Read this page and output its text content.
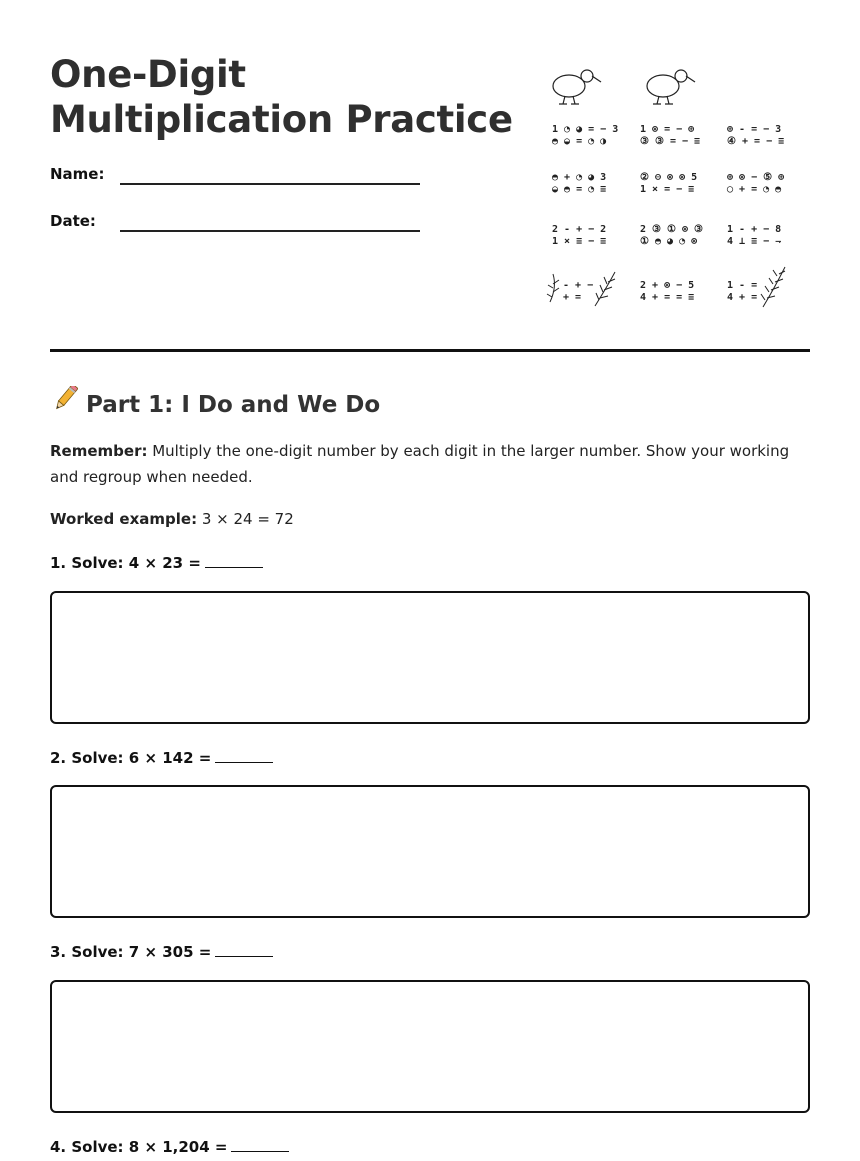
One-Digit
Multiplication Practice
Name:
Date:
1 ◔ ◕ = − 3
◓ ◒ = ◔ ◑
1 ⊗ = − ⊕
③ ③ = − ≡
⊕ - = − 3
④ + = − ≡
◓ + ◔ ◕ 3
◒ ◓ = ◔ ≡
② ⊖ ⊗ ⊗ 5
1 × = − ≡
⊕ ⊗ − ⑤ ⊕
◯ + = ◔ ◓
2 - + − 2
1 × ≡ − ≡
2 ③ ① ⊗ ③
① ◓ ◕ ◔ ⊗
1 - + − 8
4 ⊥ ≡ − ⇁
- + −
+ =
2 + ⊗ − 5
4 + = = ≡
1 - =
4 + =
Part 1: I Do and We Do

Remember: Multiply the one-digit number by each digit in the larger number. Show your working and regroup when needed.

Worked example: 3 × 24 = 72

1. Solve: 4 × 23 =

2. Solve: 6 × 142 =

3. Solve: 7 × 305 =

4. Solve: 8 × 1,204 =
